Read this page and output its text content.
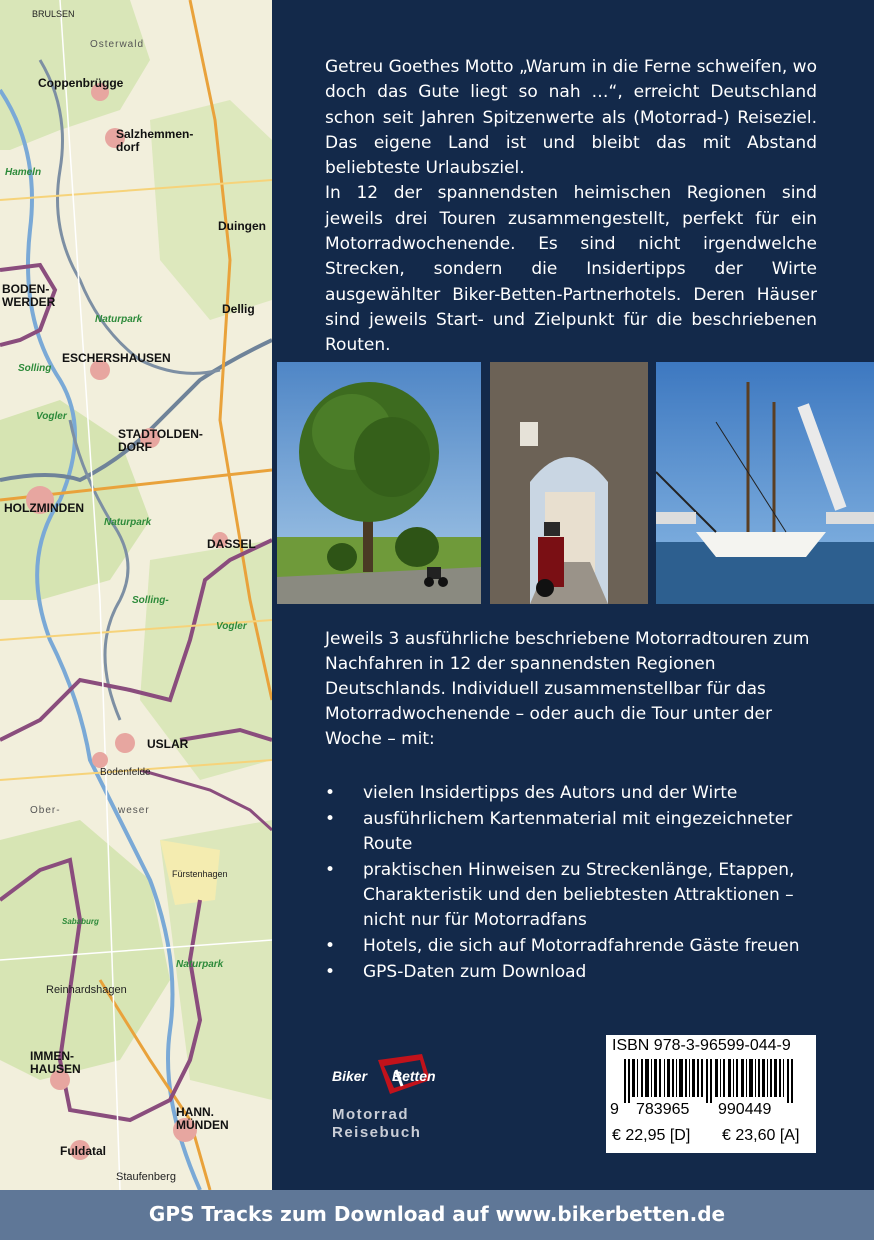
BRULSEN
Osterwald
Coppenbrügge
Salzhemmen-
dorf
Hameln
Duingen
BODEN-
WERDER
Dellig
Naturpark
ESCHERSHAUSEN
Solling
Vogler
STADTOLDEN-
DORF
HOLZMINDEN
Naturpark
DASSEL
Solling-
Vogler
USLAR
Bodenfelde
Ober-	weser
Fürstenhagen
Sababurg
Naturpark
Reinhardshagen
IMMEN-
HAUSEN
HANN.
MÜNDEN
Fuldatal
Staufenberg

Getreu Goethes Motto „Warum in die Ferne schweifen, wo doch das Gute liegt so nah …“, erreicht Deutschland schon seit Jahren Spitzenwerte als (Motorrad-) Reiseziel. Das eigene Land ist und bleibt das mit Abstand beliebteste Urlaubsziel.

In 12 der spannendsten heimischen Regionen sind jeweils drei Touren zusammengestellt, perfekt für ein Motorradwochenende. Es sind nicht irgendwelche Strecken, sondern die Insidertipps der Wirte ausgewählter Biker-Betten-Partnerhotels. Deren Häuser sind jeweils Start- und Zielpunkt für die beschriebenen Routen.

Jeweils 3 ausführliche beschriebene Motorradtouren zum Nachfahren in 12 der spannendsten Regionen Deutschlands. Individuell zusammenstellbar für das Motorradwochenende – oder auch die Tour unter der Woche – mit:
• vielen Insidertipps des Autors und der Wirte
• ausführlichem Kartenmaterial mit eingezeichneter Route
• praktischen Hinweisen zu Streckenlänge, Etappen, Charakteristik und den beliebtesten Attraktionen – nicht nur für Motorradfans
• Hotels, die sich auf Motorradfahrende Gäste freuen
• GPS-Daten zum Download
Biker Betten
Motorrad
Reisebuch
ISBN 978-3-96599-044-9
9 783965 990449
€ 22,95 [D] € 23,60 [A]
GPS Tracks zum Download auf www.bikerbetten.de
